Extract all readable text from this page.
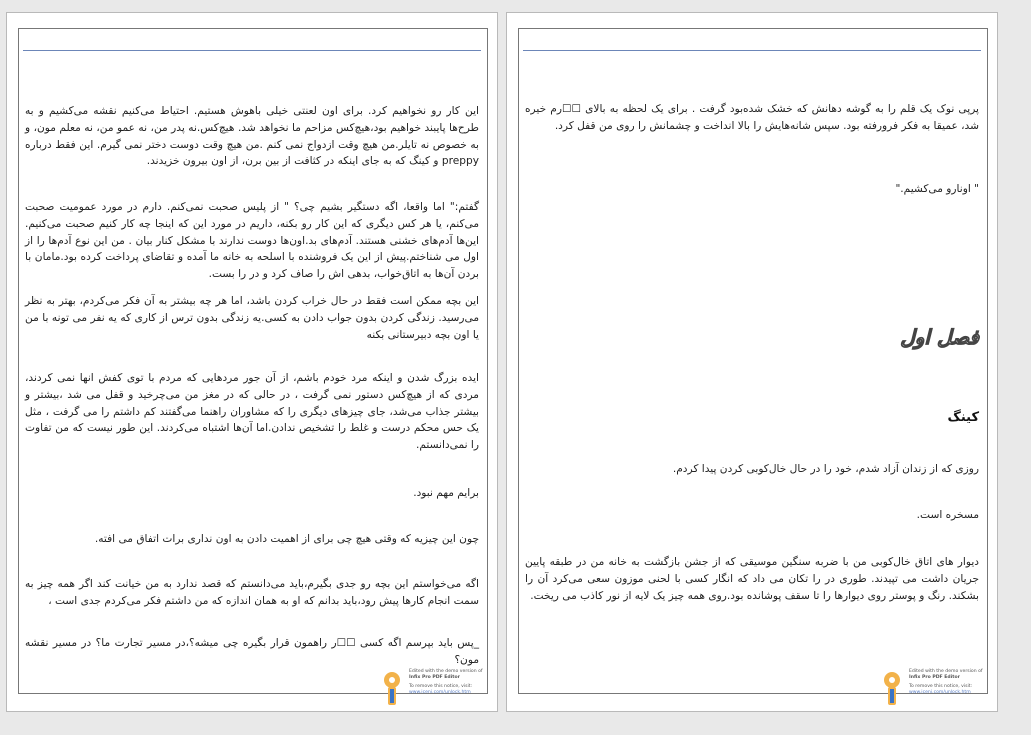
این کار رو نخواهیم کرد. برای اون لعنتی خیلی باهوش هستیم. احتیاط می‌کنیم نقشه می‌کشیم و به طرح‌ها پایبند خواهیم بود،هیچ‌کس مزاحم ما نخواهد شد. هیچ‌کس.نه پدر من، نه عمو من، نه معلم مون، و به خصوص نه تایلر.من هیچ وقت ازدواج نمی کنم .من هیچ وقت دوست دختر نمی گیرم. این فقط درباره preppy و کینگ که به جای اینکه در کثافت از بین برن، از اون بیرون خزیدند.

گفتم:" اما واقعا، اگه دستگیر بشیم چی؟ " از پلیس صحبت نمی‌کنم. دارم در مورد عمومیت صحبت می‌کنم، یا هر کس دیگری که این کار رو بکنه، داریم در مورد این که اینجا چه کار کنیم صحبت می‌کنیم. این‌ها آدم‌های خشنی هستند. آدم‌های بد.اون‌ها دوست ندارند با مشکل کنار بیان . من این نوع آدم‌ها را از اول می شناختم.پیش از این یک فروشنده با اسلحه به خانه ما آمده و تقاضای پرداخت کرده بود.مامان با بردن آن‌ها به اتاق‌خواب، بدهی اش را صاف کرد و در را بست.

این بچه ممکن است فقط در حال خراب کردن باشد، اما هر چه بیشتر به آن فکر می‌کردم، بهتر به نظر می‌رسید. زندگی کردن بدون جواب دادن به کسی.یه زندگی بدون ترس از کاری که یه نفر می تونه با من یا اون بچه دبیرستانی بکنه

ایده بزرگ شدن و اینکه مرد خودم باشم، از آن جور مردهایی که مردم با توی کفش انها نمی کردند، مردی که از هیچ‌کس دستور نمی گرفت ، در حالی که در مغز من می‌چرخید و قفل می شد ،بیشتر و بیشتر جذاب می‌شد، جای چیزهای دیگری را که مشاوران راهنما می‌گفتند کم داشتم را می گرفت ، مثل یک حس محکم درست و غلط را تشخیص ندادن.اما آن‌ها اشتباه می‌کردند. این طور نیست که من تفاوت را نمی‌دانستم.

برایم مهم نبود.

چون این چیزیه که وقتی هیچ چی برای از اهمیت دادن به اون نداری برات اتفاق می افته.

اگه می‌خواستم این بچه رو جدی بگیرم،باید می‌دانستم که قصد ندارد به من خیانت کند اگر همه چیز به سمت انجام کارها پیش رود،باید بدانم که او به همان اندازه که من داشتم فکر می‌کردم جدی است ،

_پس باید بپرسم اگه کسی ☐☐ر راهمون قرار بگیره چی میشه؟،در مسیر تجارت ما؟ در مسیر نقشه مون؟

Edited with the demo version of
Infix Pro PDF Editor
To remove this notice, visit:
www.iceni.com/unlock.htm

پرپی نوک یک قلم را به گوشه دهانش که خشک شده‌بود گرفت . برای یک لحظه به بالای ☐☐رم خیره شد، عمیقا به فکر فرورفته بود. سپس شانه‌هایش را بالا انداخت و چشمانش را روی من قفل کرد.

" اونارو می‌کشیم."

فصل اول
کینگ

روزی که از زندان آزاد شدم، خود را در حال خال‌کوبی کردن پیدا کردم.

مسخره است.

دیوار های اتاق خال‌کوبی من با ضربه سنگین موسیقی که از جشن بازگشت به خانه من در طبقه پایین جریان داشت می تپیدند. طوری در را تکان می داد که انگار کسی با لحنی موزون سعی می‌کرد آن را بشکند. رنگ و پوستر روی دیوارها را تا سقف پوشانده بود.روی همه چیز یک لایه از نور کاذب می ریخت.

Edited with the demo version of
Infix Pro PDF Editor
To remove this notice, visit:
www.iceni.com/unlock.htm
